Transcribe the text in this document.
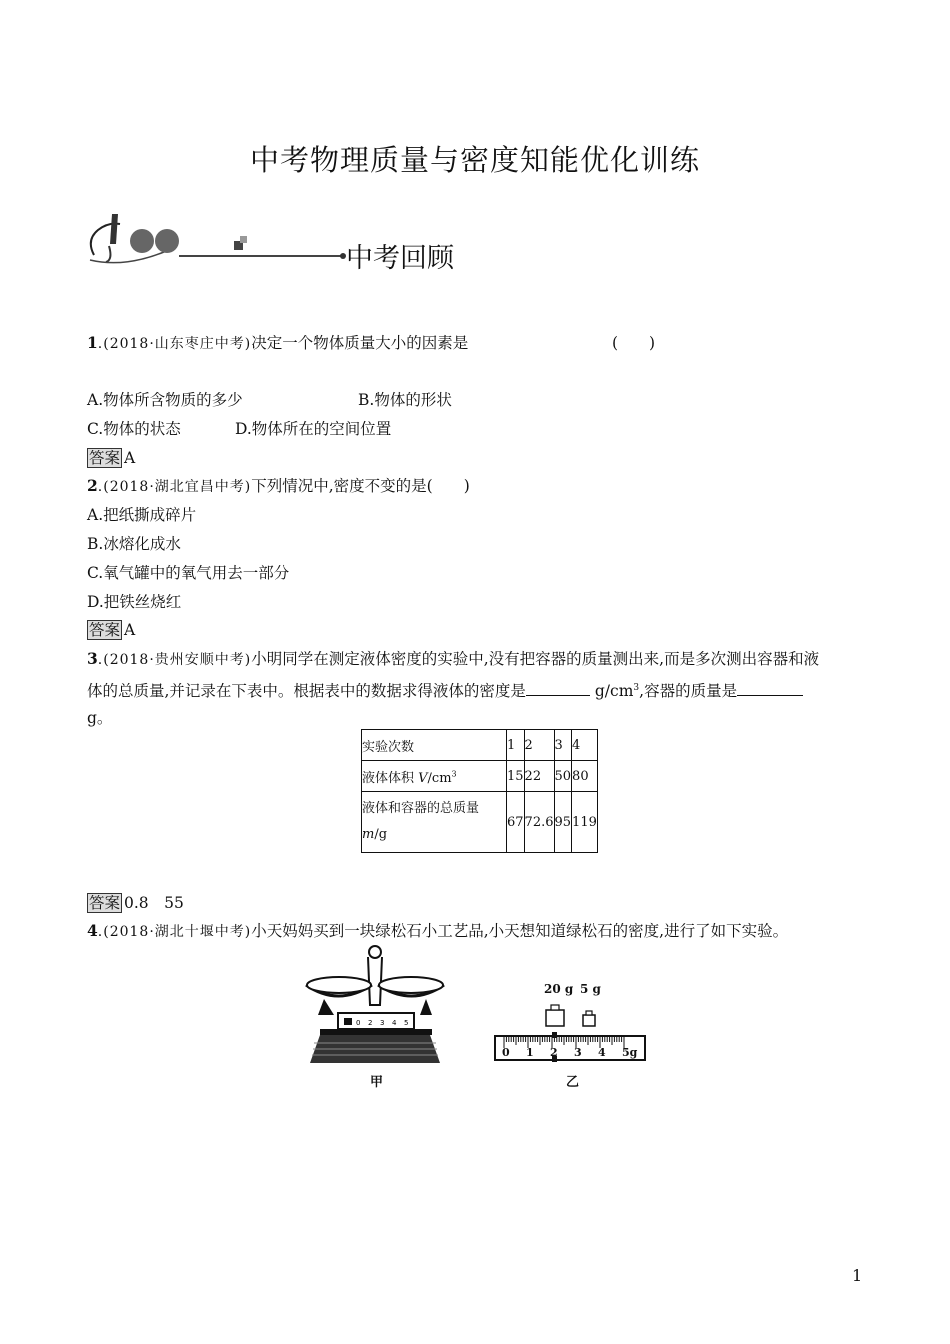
中考物理质量与密度知能优化训练
中考回顾
1.(2018·山东枣庄中考)决定一个物体质量大小的因素是	(　　)
A.物体所含物质的多少	B.物体的形状
C.物体的状态	D.物体所在的空间位置
答案 A
2.(2018·湖北宜昌中考)下列情况中,密度不变的是(　　)
A.把纸撕成碎片
B.冰熔化成水
C.氧气罐中的氧气用去一部分
D.把铁丝烧红
答案 A
3.(2018·贵州安顺中考)小明同学在测定液体密度的实验中,没有把容器的质量测出来,而是多次测出容器和液
体的总质量,并记录在下表中。根据表中的数据求得液体的密度是	$g/cm^3$,容器的质量是
g。
实验次数	1	2	3	4
液体体积 $V/cm^3$	15	22	50	80
液体和容器的总质量
m/g	67	72.6	95	119
答案 0.8　55
4.(2018·湖北十堰中考)小天妈妈买到一块绿松石小工艺品,小天想知道绿松石的密度,进行了如下实验。
0 2 3 4 5
甲
20 g 5 g
0 1 2 3 4 5g
乙
1
